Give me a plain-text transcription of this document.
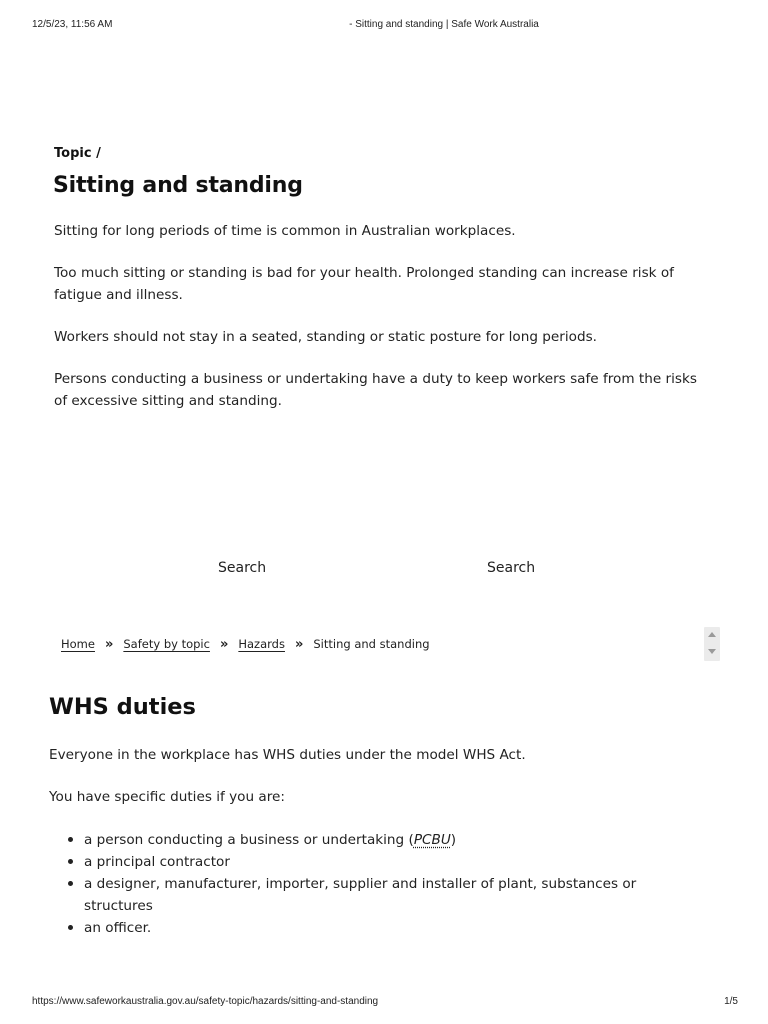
12/5/23, 11:56 AM	- Sitting and standing | Safe Work Australia
Topic /
Sitting and standing

Sitting for long periods of time is common in Australian workplaces.

Too much sitting or standing is bad for your health. Prolonged standing can increase risk of fatigue and illness.

Workers should not stay in a seated, standing or static posture for long periods.

Persons conducting a business or undertaking have a duty to keep workers safe from the risks of excessive sitting and standing.

Search	Search
Home » Safety by topic » Hazards » Sitting and standing
WHS duties

Everyone in the workplace has WHS duties under the model WHS Act.

You have specific duties if you are:

a person conducting a business or undertaking (PCBU)
a principal contractor
a designer, manufacturer, importer, supplier and installer of plant, substances or structures
an officer.
https://www.safeworkaustralia.gov.au/safety-topic/hazards/sitting-and-standing	1/5
